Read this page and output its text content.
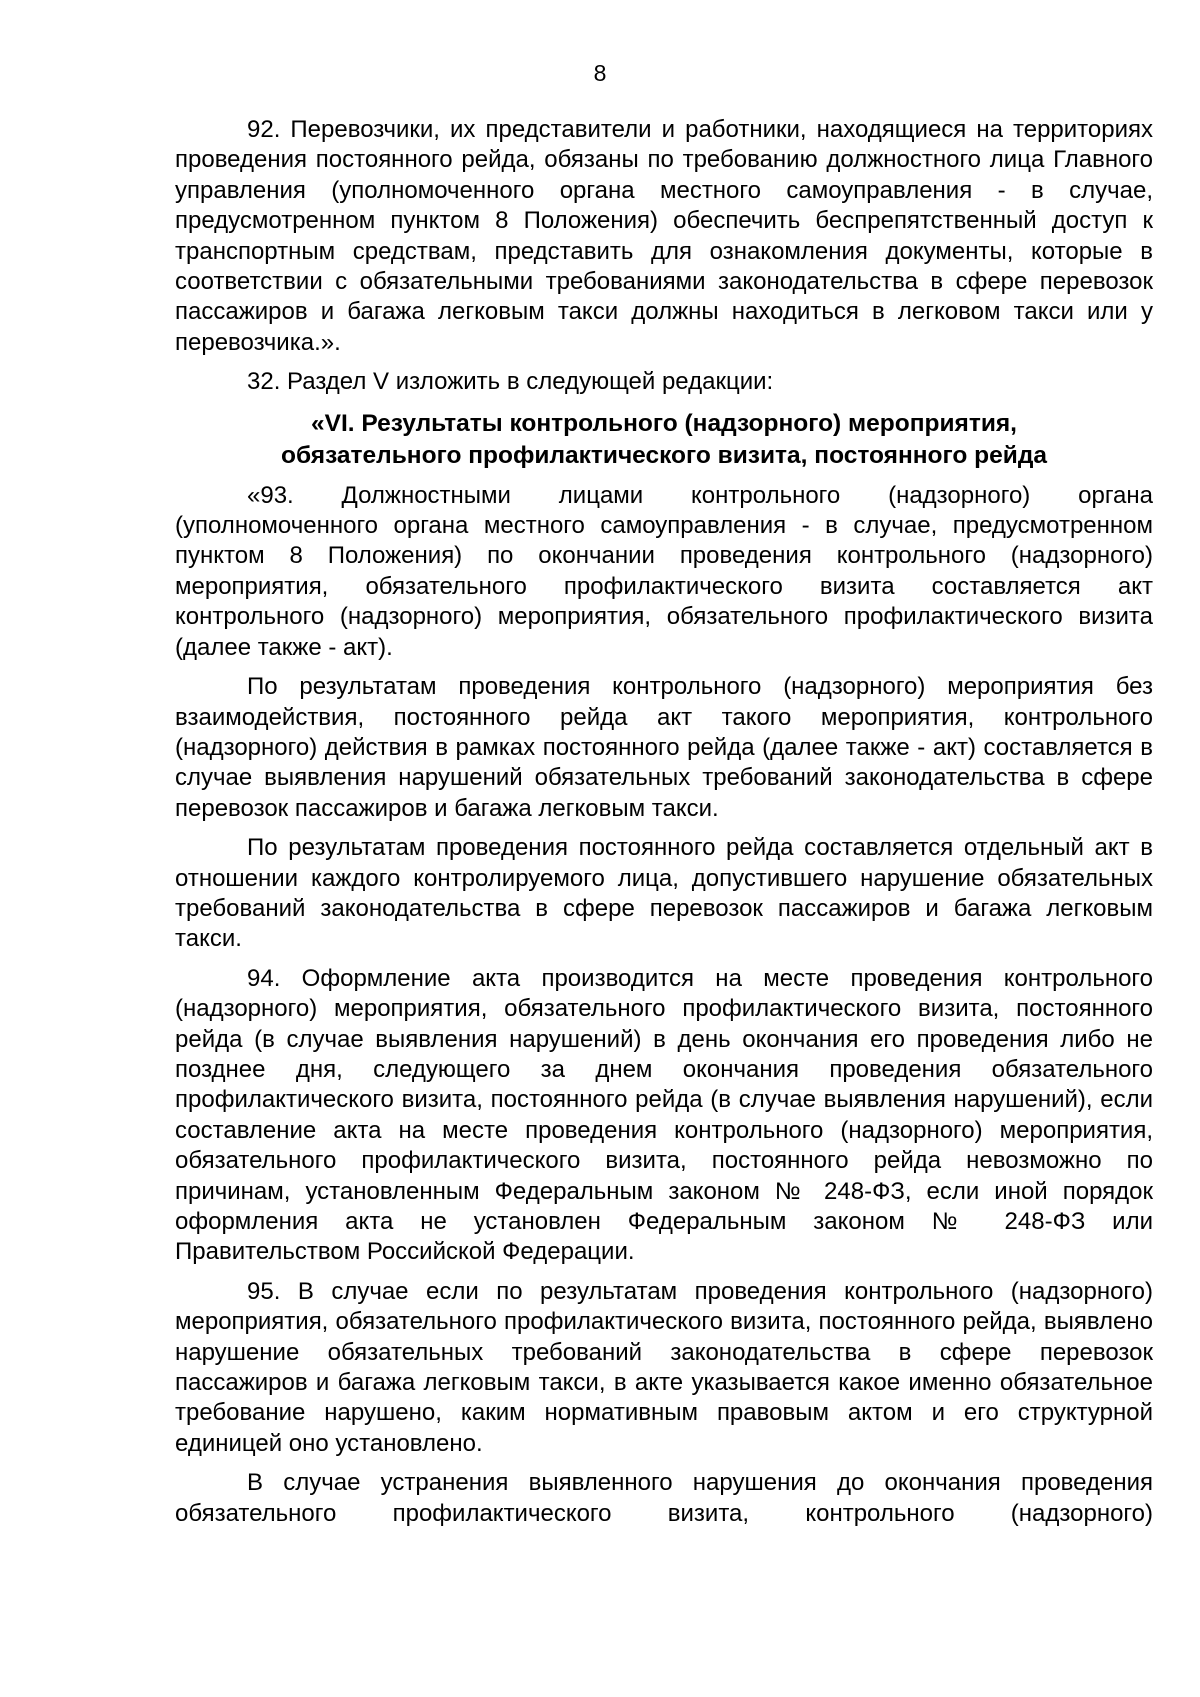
8

92. Перевозчики, их представители и работники, находящиеся на территориях проведения постоянного рейда, обязаны по требованию должностного лица Главного управления (уполномоченного органа местного самоуправления - в случае, предусмотренном пунктом 8 Положения) обеспечить беспрепятственный доступ к транспортным средствам, представить для ознакомления документы, которые в соответствии с обязательными требованиями законодательства в сфере перевозок пассажиров и багажа легковым такси должны находиться в легковом такси или у перевозчика.».

32. Раздел V изложить в следующей редакции:

«VI. Результаты контрольного (надзорного) мероприятия,
обязательного профилактического визита, постоянного рейда

«93. Должностными лицами контрольного (надзорного) органа (уполномоченного органа местного самоуправления - в случае, предусмотренном пунктом 8 Положения) по окончании проведения контрольного (надзорного) мероприятия, обязательного профилактического визита составляется акт контрольного (надзорного) мероприятия, обязательного профилактического визита (далее также - акт).

По результатам проведения контрольного (надзорного) мероприятия без взаимодействия, постоянного рейда акт такого мероприятия, контрольного (надзорного) действия в рамках постоянного рейда (далее также - акт) составляется в случае выявления нарушений обязательных требований законодательства в сфере перевозок пассажиров и багажа легковым такси.

По результатам проведения постоянного рейда составляется отдельный акт в отношении каждого контролируемого лица, допустившего нарушение обязательных требований законодательства в сфере перевозок пассажиров и багажа легковым такси.

94. Оформление акта производится на месте проведения контрольного (надзорного) мероприятия, обязательного профилактического визита, постоянного рейда (в случае выявления нарушений) в день окончания его проведения либо не позднее дня, следующего за днем окончания проведения обязательного профилактического визита, постоянного рейда (в случае выявления нарушений), если составление акта на месте проведения контрольного (надзорного) мероприятия, обязательного профилактического визита, постоянного рейда невозможно по причинам, установленным Федеральным законом № 248-ФЗ, если иной порядок оформления акта не установлен Федеральным законом № 248-ФЗ или Правительством Российской Федерации.

95. В случае если по результатам проведения контрольного (надзорного) мероприятия, обязательного профилактического визита, постоянного рейда, выявлено нарушение обязательных требований законодательства в сфере перевозок пассажиров и багажа легковым такси, в акте указывается какое именно обязательное требование нарушено, каким нормативным правовым актом и его структурной единицей оно установлено.

В случае устранения выявленного нарушения до окончания проведения обязательного профилактического визита, контрольного (надзорного)
